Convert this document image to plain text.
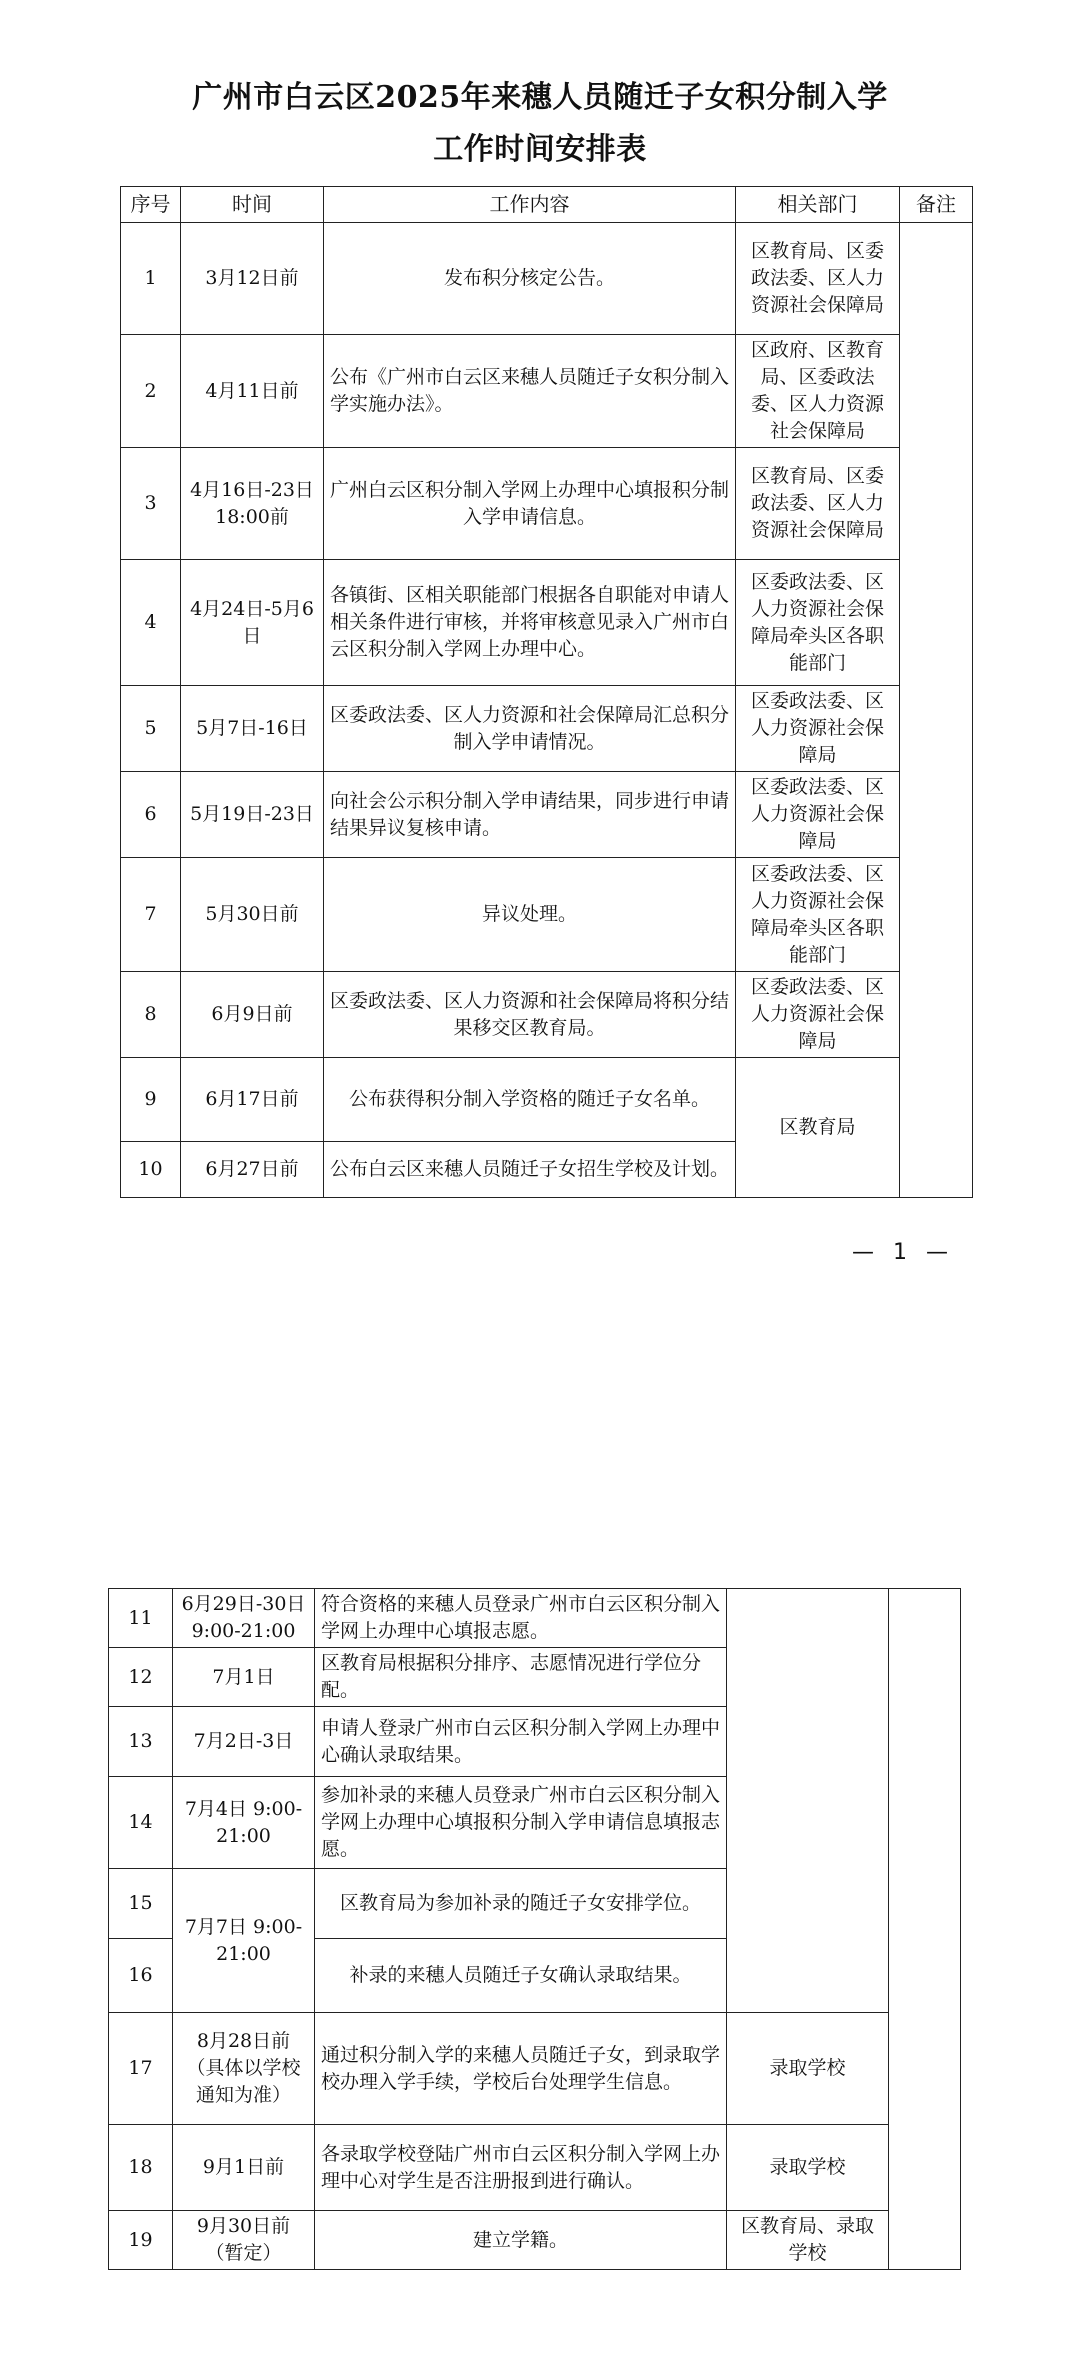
广州市白云区2025年来穗人员随迁子女积分制入学
工作时间安排表
序号	时间	工作内容	相关部门	备注
1	3月12日前	发布积分核定公告。	区教育局、区委政法委、区人力资源社会保障局	
2	4月11日前	公布《广州市白云区来穗人员随迁子女积分制入学实施办法》。	区政府、区教育局、区委政法委、区人力资源社会保障局	
3	4月16日-23日18:00前	广州白云区积分制入学网上办理中心填报积分制入学申请信息。	区教育局、区委政法委、区人力资源社会保障局	
4	4月24日-5月6日	各镇街、区相关职能部门根据各自职能对申请人相关条件进行审核，并将审核意见录入广州市白云区积分制入学网上办理中心。	区委政法委、区人力资源社会保障局牵头区各职能部门	
5	5月7日-16日	区委政法委、区人力资源和社会保障局汇总积分制入学申请情况。	区委政法委、区人力资源社会保障局	
6	5月19日-23日	向社会公示积分制入学申请结果，同步进行申请结果异议复核申请。	区委政法委、区人力资源社会保障局	
7	5月30日前	异议处理。	区委政法委、区人力资源社会保障局牵头区各职能部门	
8	6月9日前	区委政法委、区人力资源和社会保障局将积分结果移交区教育局。	区委政法委、区人力资源社会保障局	
9	6月17日前	公布获得积分制入学资格的随迁子女名单。	区教育局	
10	6月27日前	公布白云区来穗人员随迁子女招生学校及计划。		
— 1 —
11	6月29日-30日 9:00-21:00	符合资格的来穗人员登录广州市白云区积分制入学网上办理中心填报志愿。		
12	7月1日	区教育局根据积分排序、志愿情况进行学位分配。		
13	7月2日-3日	申请人登录广州市白云区积分制入学网上办理中心确认录取结果。		
14	7月4日 9:00-21:00	参加补录的来穗人员登录广州市白云区积分制入学网上办理中心填报积分制入学申请信息填报志愿。		
15	7月7日 9:00-21:00	区教育局为参加补录的随迁子女安排学位。		
16		补录的来穗人员随迁子女确认录取结果。		
17	8月28日前（具体以学校通知为准）	通过积分制入学的来穗人员随迁子女，到录取学校办理入学手续，学校后台处理学生信息。	录取学校	
18	9月1日前	各录取学校登陆广州市白云区积分制入学网上办理中心对学生是否注册报到进行确认。	录取学校	
19	9月30日前（暂定）	建立学籍。	区教育局、录取学校	
